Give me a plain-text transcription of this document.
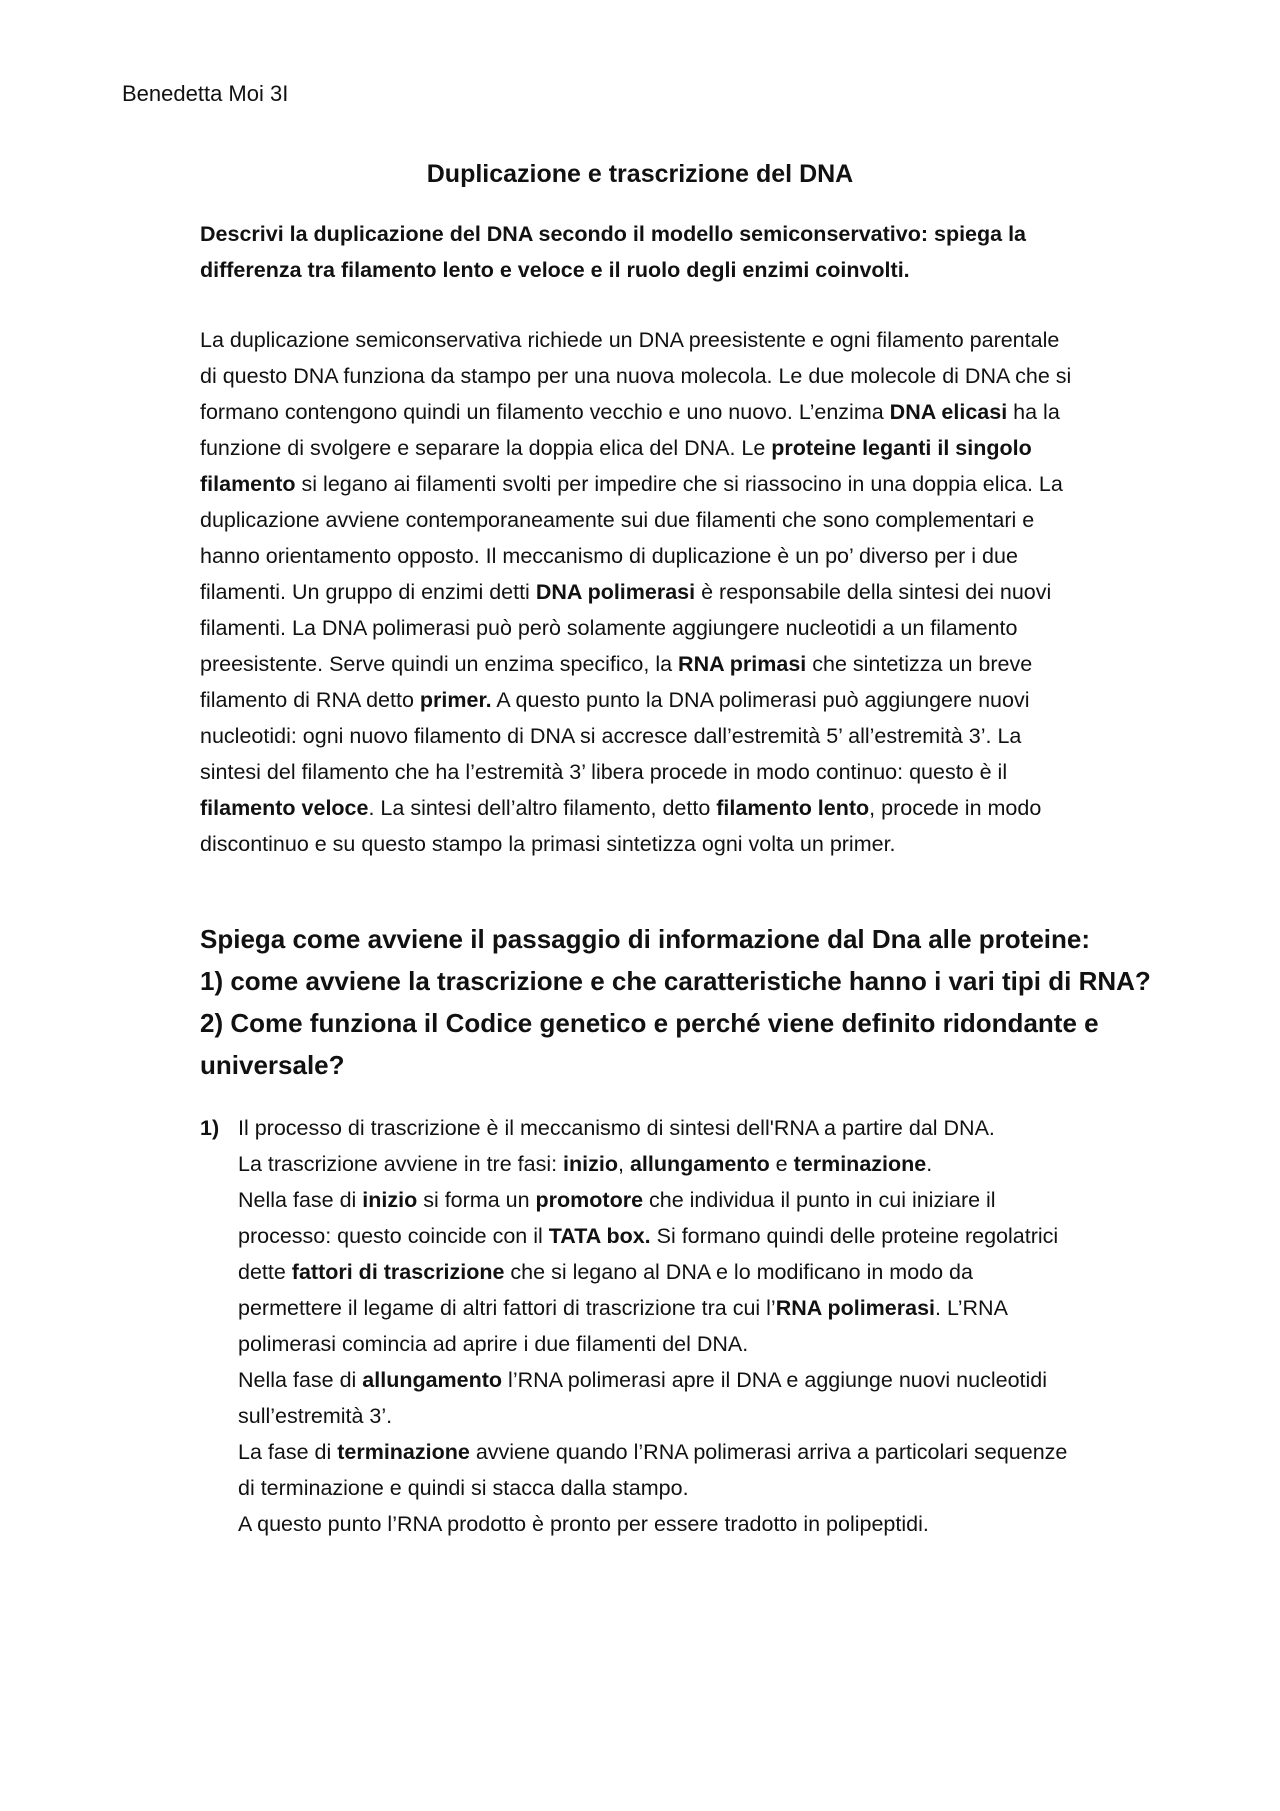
Benedetta Moi 3I
Duplicazione e trascrizione del DNA
Descrivi la duplicazione del DNA secondo il modello semiconservativo: spiega la
differenza tra filamento lento e veloce e il ruolo degli enzimi coinvolti.
La duplicazione semiconservativa richiede un DNA preesistente e ogni filamento parentale
di questo DNA funziona da stampo per una nuova molecola. Le due molecole di DNA che si
formano contengono quindi un filamento vecchio e uno nuovo. L’enzima DNA elicasi ha la
funzione di svolgere e separare la doppia elica del DNA. Le proteine leganti il singolo
filamento si legano ai filamenti svolti per impedire che si riassocino in una doppia elica. La
duplicazione avviene contemporaneamente sui due filamenti che sono complementari e
hanno orientamento opposto. Il meccanismo di duplicazione è un po’ diverso per i due
filamenti. Un gruppo di enzimi detti DNA polimerasi è responsabile della sintesi dei nuovi
filamenti. La DNA polimerasi può però solamente aggiungere nucleotidi a un filamento
preesistente. Serve quindi un enzima specifico, la RNA primasi che sintetizza un breve
filamento di RNA detto primer. A questo punto la DNA polimerasi può aggiungere nuovi
nucleotidi: ogni nuovo filamento di DNA si accresce dall’estremità 5’ all’estremità 3’. La
sintesi del filamento che ha l’estremità 3’ libera procede in modo continuo: questo è il
filamento veloce. La sintesi dell’altro filamento, detto filamento lento, procede in modo
discontinuo e su questo stampo la primasi sintetizza ogni volta un primer.
Spiega come avviene il passaggio di informazione dal Dna alle proteine:
1) come avviene la trascrizione e che caratteristiche hanno i vari tipi di RNA?
2) Come funziona il Codice genetico e perché viene definito ridondante e
universale?
1) Il processo di trascrizione è il meccanismo di sintesi dell'RNA a partire dal DNA.
La trascrizione avviene in tre fasi: inizio, allungamento e terminazione.
Nella fase di inizio si forma un promotore che individua il punto in cui iniziare il
processo: questo coincide con il TATA box. Si formano quindi delle proteine regolatrici
dette fattori di trascrizione che si legano al DNA e lo modificano in modo da
permettere il legame di altri fattori di trascrizione tra cui l’RNA polimerasi. L’RNA
polimerasi comincia ad aprire i due filamenti del DNA.
Nella fase di allungamento l’RNA polimerasi apre il DNA e aggiunge nuovi nucleotidi
sull’estremità 3’.
La fase di terminazione avviene quando l’RNA polimerasi arriva a particolari sequenze
di terminazione e quindi si stacca dalla stampo.
A questo punto l’RNA prodotto è pronto per essere tradotto in polipeptidi.
